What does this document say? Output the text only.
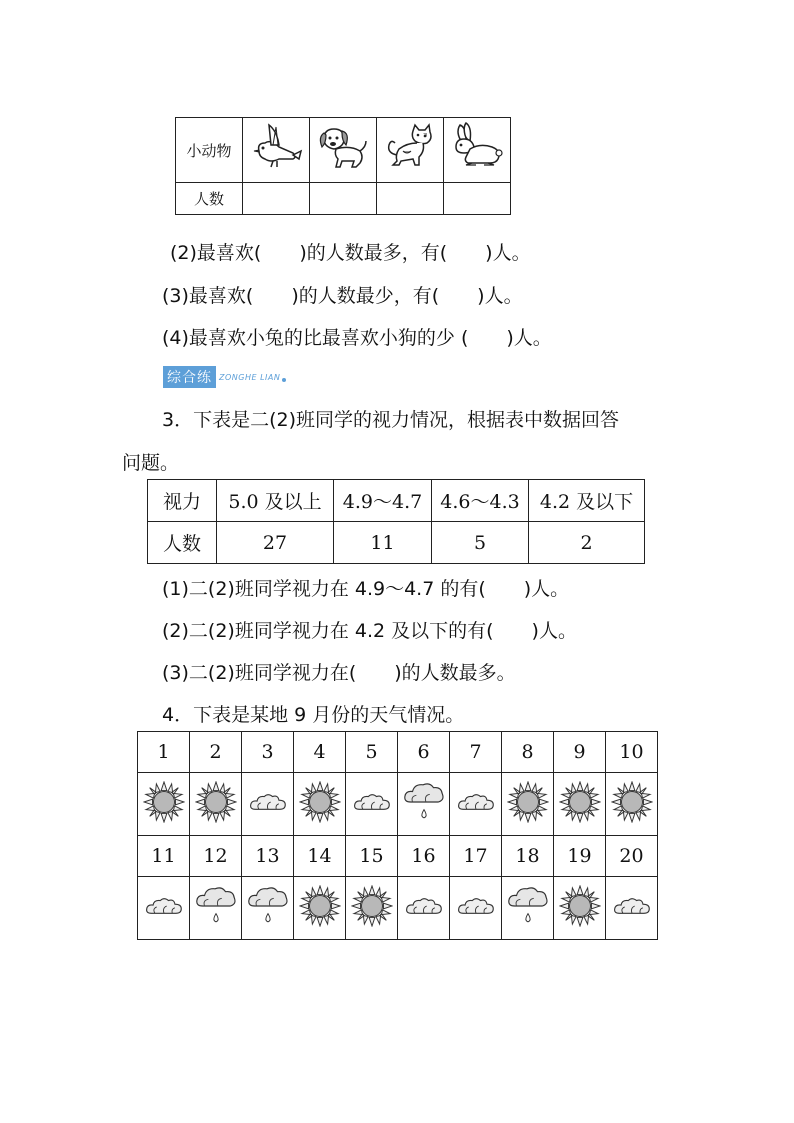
小动物				
人数				
(2)最喜欢(　　)的人数最多，有(　　)人。
(3)最喜欢(　　)的人数最少，有(　　)人。
(4)最喜欢小兔的比最喜欢小狗的少 (　　)人。
综合练 ZONGHE LIAN
3．下表是二(2)班同学的视力情况，根据表中数据回答
问题。
视力	5.0 及以上	4.9～4.7	4.6～4.3	4.2 及以下
人数	27	11	5	2
(1)二(2)班同学视力在 4.9～4.7 的有(　　)人。
(2)二(2)班同学视力在 4.2 及以下的有(　　)人。
(3)二(2)班同学视力在(　　)的人数最多。
4．下表是某地 9 月份的天气情况。
1	2	3	4	5	6	7	8	9	10

11	12	13	14	15	16	17	18	19	20
